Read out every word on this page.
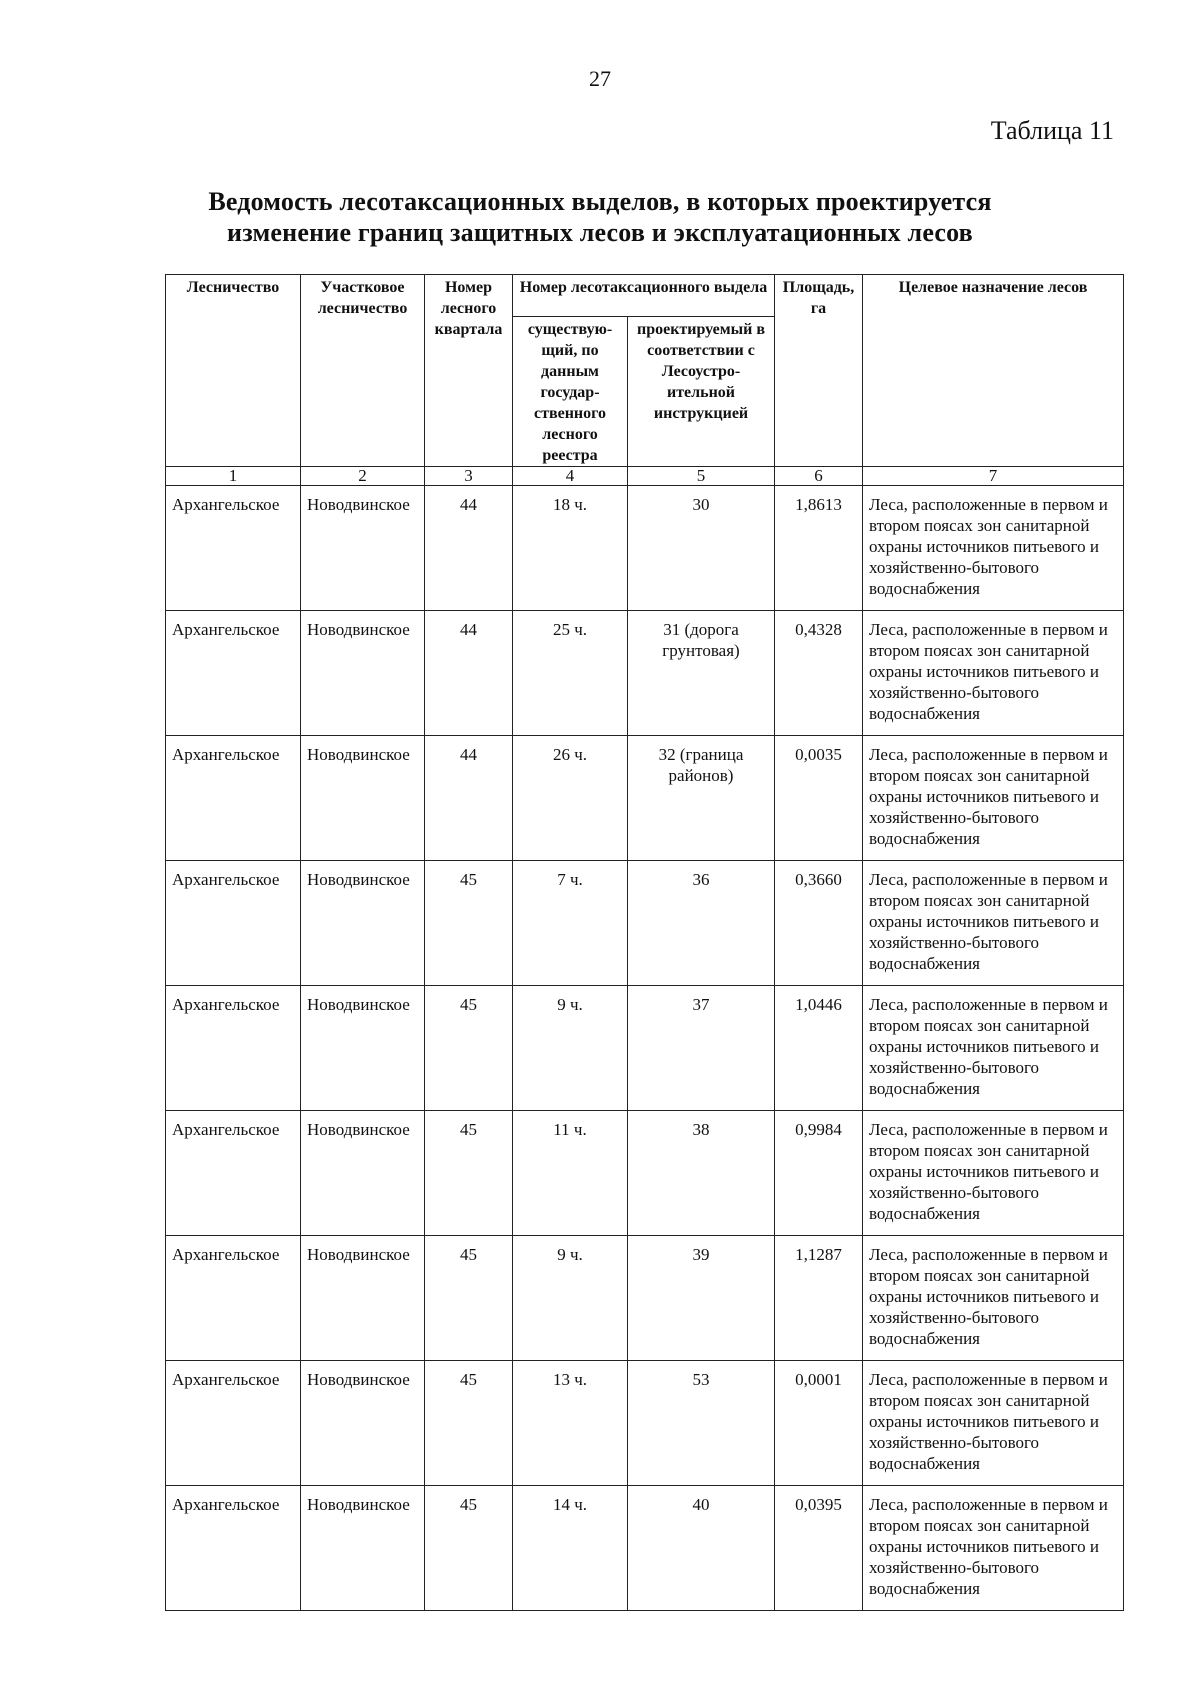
27
Таблица 11
Ведомость лесотаксационных выделов, в которых проектируется
изменение границ защитных лесов и эксплуатационных лесов
Лесничество	Участковое лесничество	Номер лесного квартала	Номер лесотаксационного выдела		Площадь, га	Целевое назначение лесов
			существую-щий, по данным государ-ственного лесного реестра	проектируемый в соответствии с Лесоустро-ительной инструкцией		
1	2	3	4	5	6	7
Архангельское	Новодвинское	44	18 ч.	30	1,8613	Леса, расположенные в первом и втором поясах зон санитарной охраны источников питьевого и хозяйственно-бытового водоснабжения
Архангельское	Новодвинское	44	25 ч.	31 (дорога грунтовая)	0,4328	Леса, расположенные в первом и втором поясах зон санитарной охраны источников питьевого и хозяйственно-бытового водоснабжения
Архангельское	Новодвинское	44	26 ч.	32 (граница районов)	0,0035	Леса, расположенные в первом и втором поясах зон санитарной охраны источников питьевого и хозяйственно-бытового водоснабжения
Архангельское	Новодвинское	45	7 ч.	36	0,3660	Леса, расположенные в первом и втором поясах зон санитарной охраны источников питьевого и хозяйственно-бытового водоснабжения
Архангельское	Новодвинское	45	9 ч.	37	1,0446	Леса, расположенные в первом и втором поясах зон санитарной охраны источников питьевого и хозяйственно-бытового водоснабжения
Архангельское	Новодвинское	45	11 ч.	38	0,9984	Леса, расположенные в первом и втором поясах зон санитарной охраны источников питьевого и хозяйственно-бытового водоснабжения
Архангельское	Новодвинское	45	9 ч.	39	1,1287	Леса, расположенные в первом и втором поясах зон санитарной охраны источников питьевого и хозяйственно-бытового водоснабжения
Архангельское	Новодвинское	45	13 ч.	53	0,0001	Леса, расположенные в первом и втором поясах зон санитарной охраны источников питьевого и хозяйственно-бытового водоснабжения
Архангельское	Новодвинское	45	14 ч.	40	0,0395	Леса, расположенные в первом и втором поясах зон санитарной охраны источников питьевого и хозяйственно-бытового водоснабжения
